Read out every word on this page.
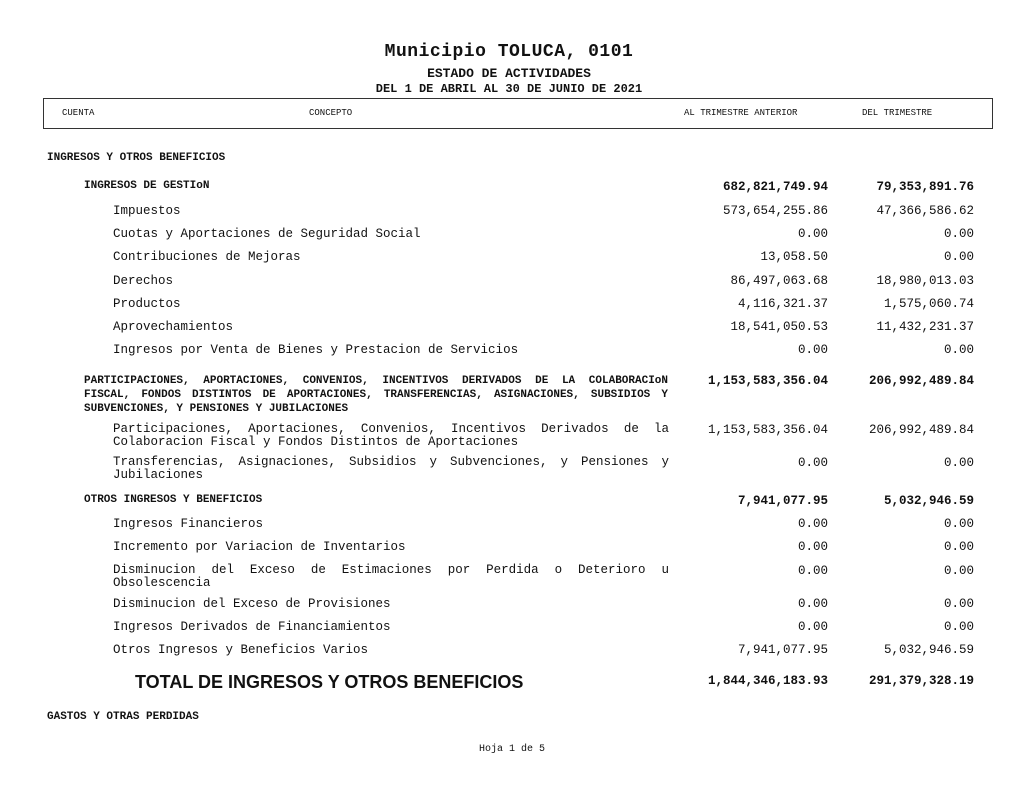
Municipio TOLUCA, 0101
ESTADO DE ACTIVIDADES
DEL 1 DE ABRIL AL 30 DE JUNIO DE 2021
CUENTA	CONCEPTO	AL TRIMESTRE ANTERIOR	DEL TRIMESTRE
INGRESOS Y OTROS BENEFICIOS
INGRESOS DE GESTIoN	682,821,749.94	79,353,891.76
Impuestos	573,654,255.86	47,366,586.62
Cuotas y Aportaciones de Seguridad Social	0.00	0.00
Contribuciones de Mejoras	13,058.50	0.00
Derechos	86,497,063.68	18,980,013.03
Productos	4,116,321.37	1,575,060.74
Aprovechamientos	18,541,050.53	11,432,231.37
Ingresos por Venta de Bienes y Prestacion de Servicios	0.00	0.00
PARTICIPACIONES, APORTACIONES, CONVENIOS, INCENTIVOS DERIVADOS DE LA COLABORACIoN FISCAL, FONDOS DISTINTOS DE APORTACIONES, TRANSFERENCIAS, ASIGNACIONES, SUBSIDIOS Y SUBVENCIONES, Y PENSIONES Y JUBILACIONES
1,153,583,356.04	206,992,489.84
Participaciones, Aportaciones, Convenios, Incentivos Derivados de la Colaboracion Fiscal y Fondos Distintos de Aportaciones
1,153,583,356.04	206,992,489.84
Transferencias, Asignaciones, Subsidios y Subvenciones, y Pensiones y Jubilaciones
0.00	0.00
OTROS INGRESOS Y BENEFICIOS	7,941,077.95	5,032,946.59
Ingresos Financieros	0.00	0.00
Incremento por Variacion de Inventarios	0.00	0.00
Disminucion del Exceso de Estimaciones por Perdida o Deterioro u Obsolescencia
0.00	0.00
Disminucion del Exceso de Provisiones	0.00	0.00
Ingresos Derivados de Financiamientos	0.00	0.00
Otros Ingresos y Beneficios Varios	7,941,077.95	5,032,946.59
TOTAL DE INGRESOS Y OTROS BENEFICIOS	1,844,346,183.93	291,379,328.19
GASTOS Y OTRAS PERDIDAS
Hoja 1 de 5
